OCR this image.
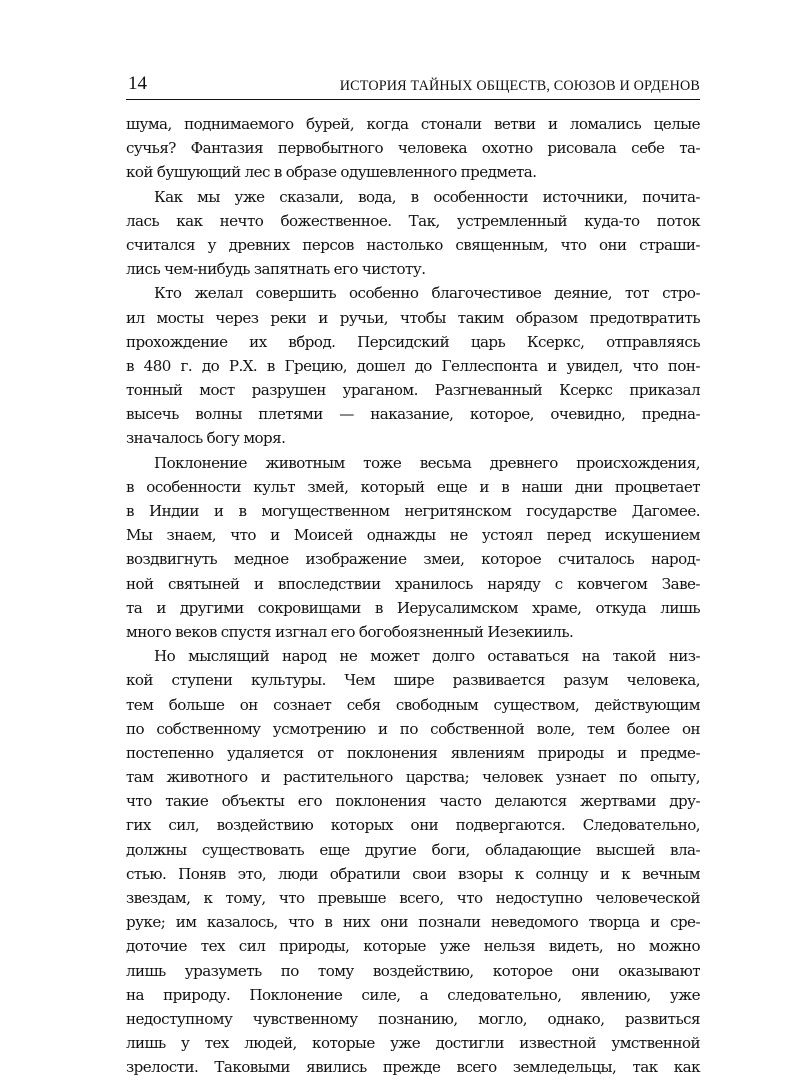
14	ИСТОРИЯ ТАЙНЫХ ОБЩЕСТВ, СОЮЗОВ И ОРДЕНОВ
шума, поднимаемого бурей, когда стонали ветви и ломались целые
сучья? Фантазия первобытного человека охотно рисовала себе та-
кой бушующий лес в образе одушевленного предмета.
Как мы уже сказали, вода, в особенности источники, почита-
лась как нечто божественное. Так, устремленный куда-то поток
считался у древних персов настолько священным, что они страши-
лись чем-нибудь запятнать его чистоту.
Кто желал совершить особенно благочестивое деяние, тот стро-
ил мосты через реки и ручьи, чтобы таким образом предотвратить
прохождение их вброд. Персидский царь Ксеркс, отправляясь
в 480 г. до Р.Х. в Грецию, дошел до Геллеспонта и увидел, что пон-
тонный мост разрушен ураганом. Разгневанный Ксеркс приказал
высечь волны плетями — наказание, которое, очевидно, предна-
значалось богу моря.
Поклонение животным тоже весьма древнего происхождения,
в особенности культ змей, который еще и в наши дни процветает
в Индии и в могущественном негритянском государстве Дагомее.
Мы знаем, что и Моисей однажды не устоял перед искушением
воздвигнуть медное изображение змеи, которое считалось народ-
ной святыней и впоследствии хранилось наряду с ковчегом Заве-
та и другими сокровищами в Иерусалимском храме, откуда лишь
много веков спустя изгнал его богобоязненный Иезекииль.
Но мыслящий народ не может долго оставаться на такой низ-
кой ступени культуры. Чем шире развивается разум человека,
тем больше он сознает себя свободным существом, действующим
по собственному усмотрению и по собственной воле, тем более он
постепенно удаляется от поклонения явлениям природы и предме-
там животного и растительного царства; человек узнает по опыту,
что такие объекты его поклонения часто делаются жертвами дру-
гих сил, воздействию которых они подвергаются. Следовательно,
должны существовать еще другие боги, обладающие высшей вла-
стью. Поняв это, люди обратили свои взоры к солнцу и к вечным
звездам, к тому, что превыше всего, что недоступно человеческой
руке; им казалось, что в них они познали неведомого творца и сре-
доточие тех сил природы, которые уже нельзя видеть, но можно
лишь уразуметь по тому воздействию, которое они оказывают
на природу. Поклонение силе, а следовательно, явлению, уже
недоступному чувственному познанию, могло, однако, развиться
лишь у тех людей, которые уже достигли известной умственной
зрелости. Таковыми явились прежде всего земледельцы, так как
